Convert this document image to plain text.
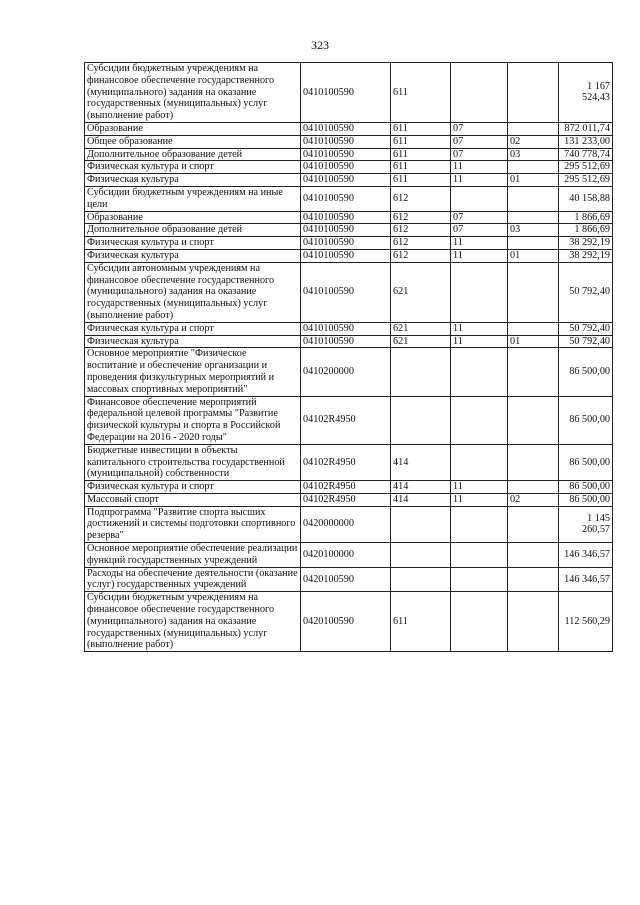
323
Субсидии бюджетным учреждениям на финансовое обеспечение государственного (муниципального) задания на оказание государственных (муниципальных) услуг (выполнение работ)	0410100590	611			1 167 524,43
Образование	0410100590	611	07		872 011,74
Общее образование	0410100590	611	07	02	131 233,00
Дополнительное образование детей	0410100590	611	07	03	740 778,74
Физическая культура и спорт	0410100590	611	11		295 512,69
Физическая культура	0410100590	611	11	01	295 512,69
Субсидии бюджетным учреждениям на иные цели	0410100590	612			40 158,88
Образование	0410100590	612	07		1 866,69
Дополнительное образование детей	0410100590	612	07	03	1 866,69
Физическая культура и спорт	0410100590	612	11		38 292,19
Физическая культура	0410100590	612	11	01	38 292,19
Субсидии автономным учреждениям на финансовое обеспечение государственного (муниципального) задания на оказание государственных (муниципальных) услуг (выполнение работ)	0410100590	621			50 792,40
Физическая культура и спорт	0410100590	621	11		50 792,40
Физическая культура	0410100590	621	11	01	50 792,40
Основное мероприятие "Физическое воспитание и обеспечение организации и проведения физкультурных мероприятий и массовых спортивных мероприятий"	0410200000				86 500,00
Финансовое обеспечение мероприятий федеральной целевой программы "Развитие физической культуры и спорта в Российской Федерации на 2016 - 2020 годы"	04102R4950				86 500,00
Бюджетные инвестиции в объекты капитального строительства государственной (муниципальной) собственности	04102R4950	414			86 500,00
Физическая культура и спорт	04102R4950	414	11		86 500,00
Массовый спорт	04102R4950	414	11	02	86 500,00
Подпрограмма "Развитие спорта высших достижений и системы подготовки спортивного резерва"	0420000000				1 145 260,57
Основное мероприятие обеспечение реализации функций государственных учреждений	0420100000				146 346,57
Расходы на обеспечение деятельности (оказание услуг) государственных учреждений	0420100590				146 346,57
Субсидии бюджетным учреждениям на финансовое обеспечение государственного (муниципального) задания на оказание государственных (муниципальных) услуг (выполнение работ)	0420100590	611			112 560,29
